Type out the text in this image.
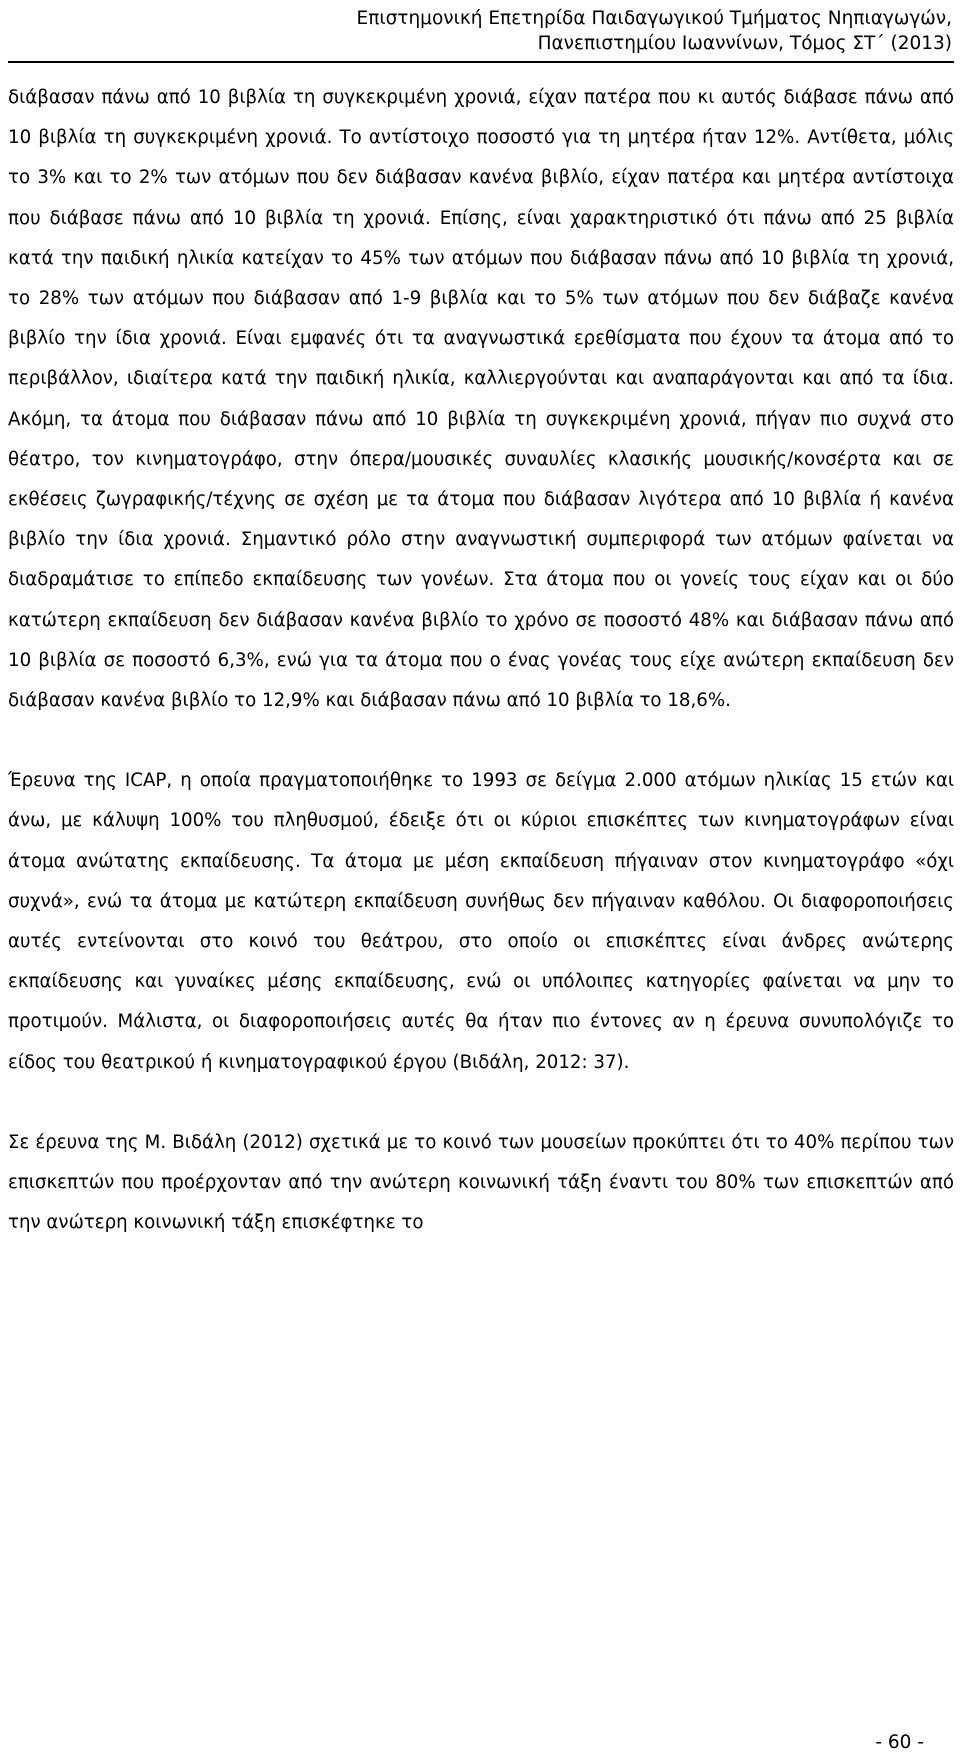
Επιστημονική Επετηρίδα Παιδαγωγικού Τμήματος Νηπιαγωγών,
Πανεπιστημίου Ιωαννίνων, Τόμος ΣΤ΄ (2013)

διάβασαν πάνω από 10 βιβλία τη συγκεκριμένη χρονιά, είχαν πατέρα που κι αυτός διάβασε πάνω από 10 βιβλία τη συγκεκριμένη χρονιά. Το αντίστοιχο ποσοστό για τη μητέρα ήταν 12%. Αντίθετα, μόλις το 3% και το 2% των ατόμων που δεν διάβασαν κανένα βιβλίο, είχαν πατέρα και μητέρα αντίστοιχα που διάβασε πάνω από 10 βιβλία τη χρονιά. Επίσης, είναι χαρακτηριστικό ότι πάνω από 25 βιβλία κατά την παιδική ηλικία κατείχαν το 45% των ατόμων που διάβασαν πάνω από 10 βιβλία τη χρονιά, το 28% των ατόμων που διάβασαν από 1-9 βιβλία και το 5% των ατόμων που δεν διάβαζε κανένα βιβλίο την ίδια χρονιά. Είναι εμφανές ότι τα αναγνωστικά ερεθίσματα που έχουν τα άτομα από το περιβάλλον, ιδιαίτερα κατά την παιδική ηλικία, καλλιεργούνται και αναπαράγονται και από τα ίδια. Ακόμη, τα άτομα που διάβασαν πάνω από 10 βιβλία τη συγκεκριμένη χρονιά, πήγαν πιο συχνά στο θέατρο, τον κινηματογράφο, στην όπερα/μουσικές συναυλίες κλασικής μουσικής/κονσέρτα και σε εκθέσεις ζωγραφικής/τέχνης σε σχέση με τα άτομα που διάβασαν λιγότερα από 10 βιβλία ή κανένα βιβλίο την ίδια χρονιά. Σημαντικό ρόλο στην αναγνωστική συμπεριφορά των ατόμων φαίνεται να διαδραμάτισε το επίπεδο εκπαίδευσης των γονέων. Στα άτομα που οι γονείς τους είχαν και οι δύο κατώτερη εκπαίδευση δεν διάβασαν κανένα βιβλίο το χρόνο σε ποσοστό 48% και διάβασαν πάνω από 10 βιβλία σε ποσοστό 6,3%, ενώ για τα άτομα που ο ένας γονέας τους είχε ανώτερη εκπαίδευση δεν διάβασαν κανένα βιβλίο το 12,9% και διάβασαν πάνω από 10 βιβλία το 18,6%.

Έρευνα της ICAP, η οποία πραγματοποιήθηκε το 1993 σε δείγμα 2.000 ατόμων ηλικίας 15 ετών και άνω, με κάλυψη 100% του πληθυσμού, έδειξε ότι οι κύριοι επισκέπτες των κινηματογράφων είναι άτομα ανώτατης εκπαίδευσης. Τα άτομα με μέση εκπαίδευση πήγαιναν στον κινηματογράφο «όχι συχνά», ενώ τα άτομα με κατώτερη εκπαίδευση συνήθως δεν πήγαιναν καθόλου. Οι διαφοροποιήσεις αυτές εντείνονται στο κοινό του θεάτρου, στο οποίο οι επισκέπτες είναι άνδρες ανώτερης εκπαίδευσης και γυναίκες μέσης εκπαίδευσης, ενώ οι υπόλοιπες κατηγορίες φαίνεται να μην το προτιμούν. Μάλιστα, οι διαφοροποιήσεις αυτές θα ήταν πιο έντονες αν η έρευνα συνυπολόγιζε το είδος του θεατρικού ή κινηματογραφικού έργου (Βιδάλη, 2012: 37).

Σε έρευνα της Μ. Βιδάλη (2012) σχετικά με το κοινό των μουσείων προκύπτει ότι το 40% περίπου των επισκεπτών που προέρχονταν από την ανώτερη κοινωνική τάξη έναντι του 80% των επισκεπτών από την ανώτερη κοινωνική τάξη επισκέφτηκε το

- 60 -
